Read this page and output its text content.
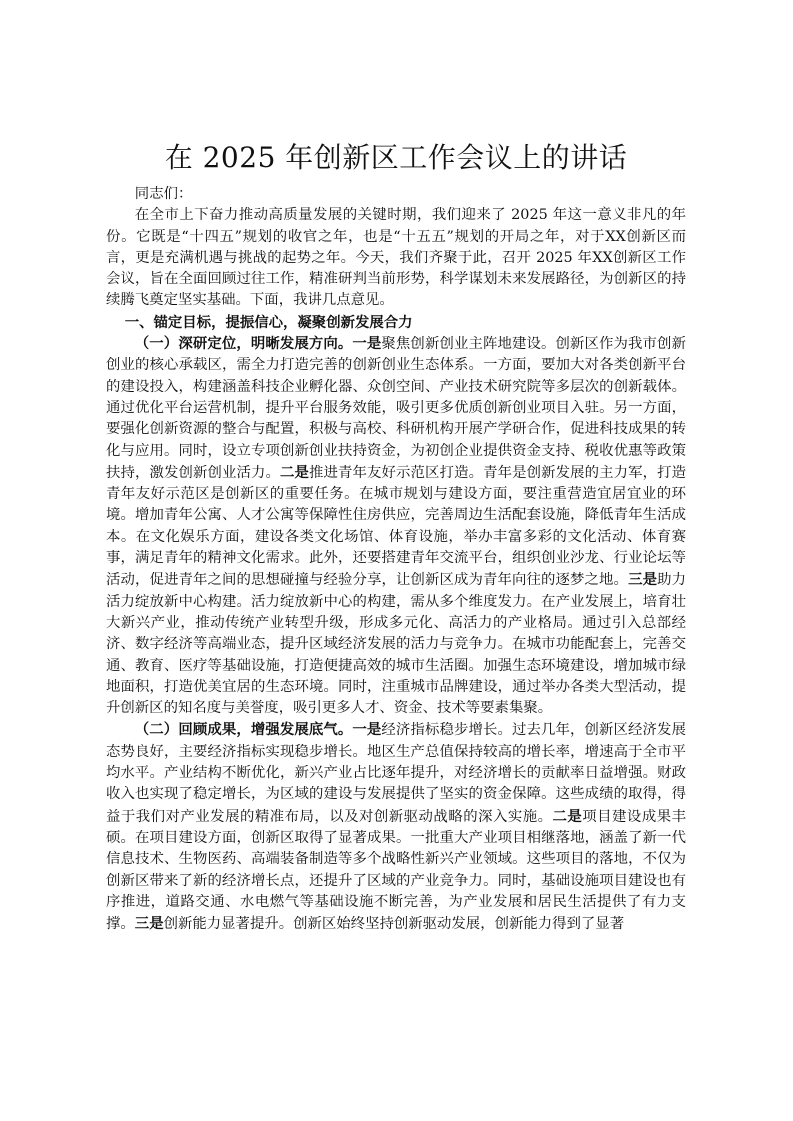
在 2025 年创新区工作会议上的讲话

同志们：

在全市上下奋力推动高质量发展的关键时期，我们迎来了 2025 年这一意义非凡的年份。它既是“十四五”规划的收官之年，也是“十五五”规划的开局之年，对于XX创新区而言，更是充满机遇与挑战的起势之年。今天，我们齐聚于此，召开 2025 年XX创新区工作会议，旨在全面回顾过往工作，精准研判当前形势，科学谋划未来发展路径，为创新区的持续腾飞奠定坚实基础。下面，我讲几点意见。

一、锚定目标，提振信心，凝聚创新发展合力

（一）深研定位，明晰发展方向。一是聚焦创新创业主阵地建设。创新区作为我市创新创业的核心承载区，需全力打造完善的创新创业生态体系。一方面，要加大对各类创新平台的建设投入，构建涵盖科技企业孵化器、众创空间、产业技术研究院等多层次的创新载体。通过优化平台运营机制，提升平台服务效能，吸引更多优质创新创业项目入驻。另一方面，要强化创新资源的整合与配置，积极与高校、科研机构开展产学研合作，促进科技成果的转化与应用。同时，设立专项创新创业扶持资金，为初创企业提供资金支持、税收优惠等政策扶持，激发创新创业活力。二是推进青年友好示范区打造。青年是创新发展的主力军，打造青年友好示范区是创新区的重要任务。在城市规划与建设方面，要注重营造宜居宜业的环境。增加青年公寓、人才公寓等保障性住房供应，完善周边生活配套设施，降低青年生活成本。在文化娱乐方面，建设各类文化场馆、体育设施，举办丰富多彩的文化活动、体育赛事，满足青年的精神文化需求。此外，还要搭建青年交流平台，组织创业沙龙、行业论坛等活动，促进青年之间的思想碰撞与经验分享，让创新区成为青年向往的逐梦之地。三是助力活力绽放新中心构建。活力绽放新中心的构建，需从多个维度发力。在产业发展上，培育壮大新兴产业，推动传统产业转型升级，形成多元化、高活力的产业格局。通过引入总部经济、数字经济等高端业态，提升区域经济发展的活力与竞争力。在城市功能配套上，完善交通、教育、医疗等基础设施，打造便捷高效的城市生活圈。加强生态环境建设，增加城市绿地面积，打造优美宜居的生态环境。同时，注重城市品牌建设，通过举办各类大型活动，提升创新区的知名度与美誉度，吸引更多人才、资金、技术等要素集聚。

（二）回顾成果，增强发展底气。一是经济指标稳步增长。过去几年，创新区经济发展态势良好，主要经济指标实现稳步增长。地区生产总值保持较高的增长率，增速高于全市平均水平。产业结构不断优化，新兴产业占比逐年提升，对经济增长的贡献率日益增强。财政收入也实现了稳定增长，为区域的建设与发展提供了坚实的资金保障。这些成绩的取得，得益于我们对产业发展的精准布局，以及对创新驱动战略的深入实施。二是项目建设成果丰硕。在项目建设方面，创新区取得了显著成果。一批重大产业项目相继落地，涵盖了新一代信息技术、生物医药、高端装备制造等多个战略性新兴产业领域。这些项目的落地，不仅为创新区带来了新的经济增长点，还提升了区域的产业竞争力。同时，基础设施项目建设也有序推进，道路交通、水电燃气等基础设施不断完善，为产业发展和居民生活提供了有力支撑。三是创新能力显著提升。创新区始终坚持创新驱动发展，创新能力得到了显著
